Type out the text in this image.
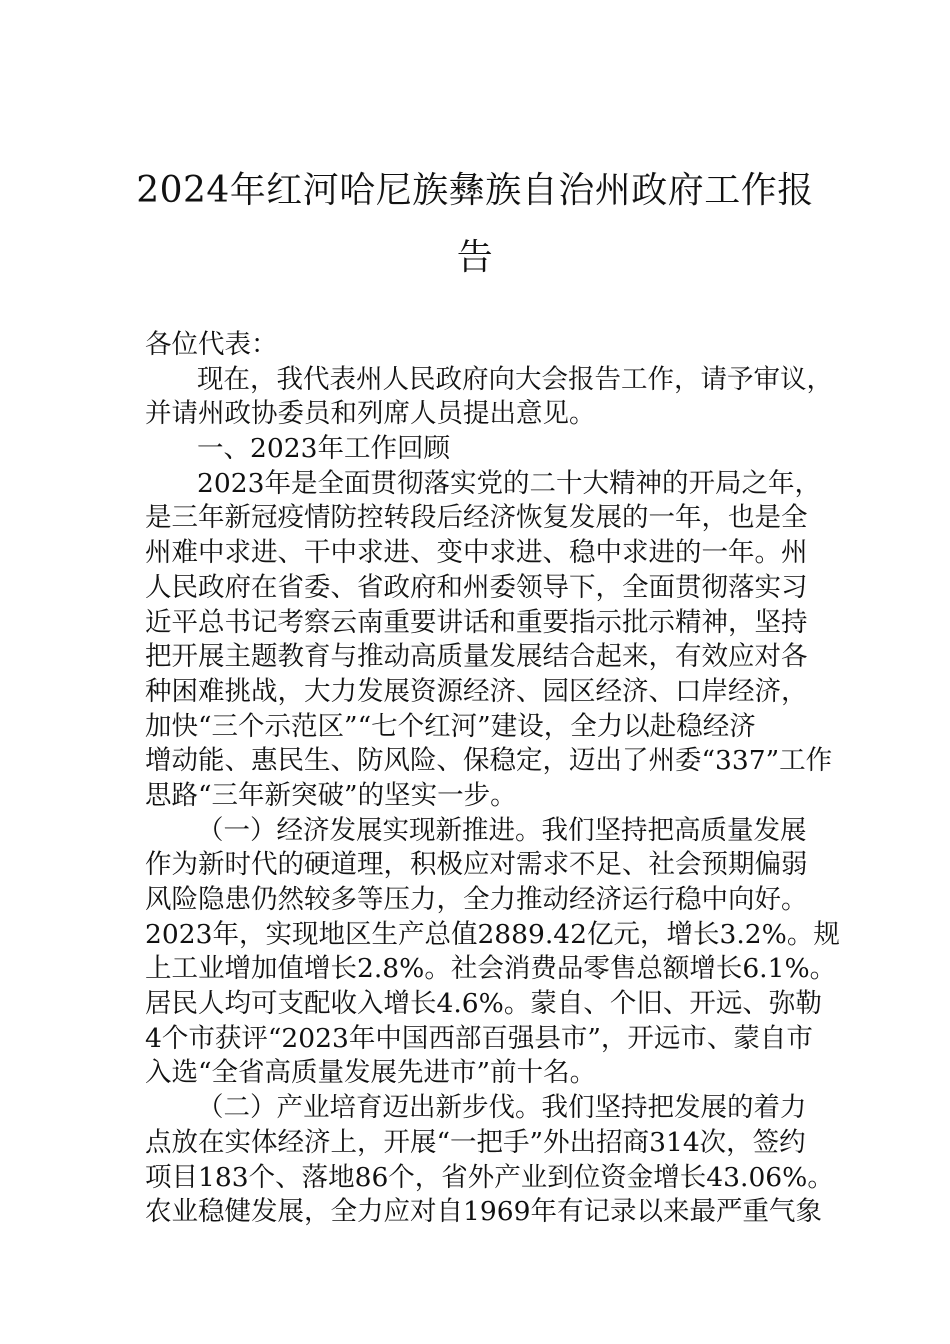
2024年红河哈尼族彝族自治州政府工作报
告
各位代表：
现在，我代表州人民政府向大会报告工作，请予审议，
并请州政协委员和列席人员提出意见。
一、2023年工作回顾
2023年是全面贯彻落实党的二十大精神的开局之年，
是三年新冠疫情防控转段后经济恢复发展的一年，也是全
州难中求进、干中求进、变中求进、稳中求进的一年。州
人民政府在省委、省政府和州委领导下，全面贯彻落实习
近平总书记考察云南重要讲话和重要指示批示精神，坚持
把开展主题教育与推动高质量发展结合起来，有效应对各
种困难挑战，大力发展资源经济、园区经济、口岸经济，
加快“三个示范区”“七个红河”建设，全力以赴稳经济
增动能、惠民生、防风险、保稳定，迈出了州委“337”工作
思路“三年新突破”的坚实一步。
（一）经济发展实现新推进。我们坚持把高质量发展
作为新时代的硬道理，积极应对需求不足、社会预期偏弱
风险隐患仍然较多等压力，全力推动经济运行稳中向好。
2023年，实现地区生产总值2889.42亿元，增长3.2%。规
上工业增加值增长2.8%。社会消费品零售总额增长6.1%。
居民人均可支配收入增长4.6%。蒙自、个旧、开远、弥勒
4个市获评“2023年中国西部百强县市”，开远市、蒙自市
入选“全省高质量发展先进市”前十名。
（二）产业培育迈出新步伐。我们坚持把发展的着力
点放在实体经济上，开展“一把手”外出招商314次，签约
项目183个、落地86个，省外产业到位资金增长43.06%。
农业稳健发展，全力应对自1969年有记录以来最严重气象
